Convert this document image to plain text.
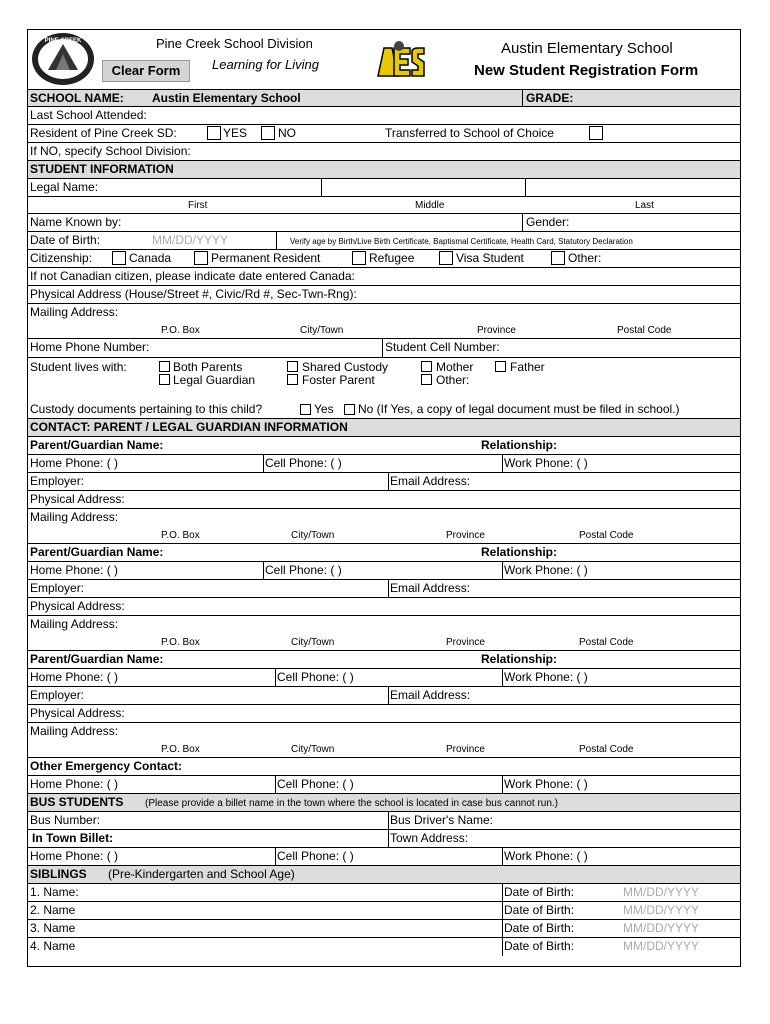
PINE CREEK	Pine Creek School Division
Clear Form	Learning for Living
Austin Elementary School
New Student Registration Form
SCHOOL NAME: Austin Elementary School	GRADE:
Last School Attended:
Resident of Pine Creek SD:	YES	NO	Transferred to School of Choice
If NO, specify School Division:
STUDENT INFORMATION
Legal Name:
First	Middle	Last
Name Known by:	Gender:
Date of Birth:	MM/DD/YYYY	Verify age by Birth/Live Birth Certificate, Baptismal Certificate, Health Card, Statutory Declaration
Citizenship:	Canada	Permanent Resident	Refugee	Visa Student	Other:
If not Canadian citizen, please indicate date entered Canada:
Physical Address (House/Street #, Civic/Rd #, Sec-Twn-Rng):
Mailing Address:
P.O. Box	City/Town	Province	Postal Code
Home Phone Number:	Student Cell Number:
Student lives with:	Both Parents	Shared Custody	Mother	Father
Legal Guardian	Foster Parent	Other:
Custody documents pertaining to this child?	Yes No (If Yes, a copy of legal document must be filed in school.)
CONTACT: PARENT / LEGAL GUARDIAN INFORMATION
Parent/Guardian Name:	Relationship:
Home Phone: ( )	Cell Phone: ( )	Work Phone: ( )
Employer:	Email Address:
Physical Address:
Mailing Address:
P.O. Box	City/Town	Province	Postal Code
Parent/Guardian Name:	Relationship:
Home Phone: ( )	Cell Phone: ( )	Work Phone: ( )
Employer:	Email Address:
Physical Address:
Mailing Address:
P.O. Box	City/Town	Province	Postal Code
Parent/Guardian Name:	Relationship:
Home Phone: ( )	Cell Phone: ( )	Work Phone: ( )
Employer:	Email Address:
Physical Address:
Mailing Address:
P.O. Box	City/Town	Province	Postal Code
Other Emergency Contact:
Home Phone: ( )	Cell Phone: ( )	Work Phone: ( )
BUS STUDENTS (Please provide a billet name in the town where the school is located in case bus cannot run.)
Bus Number:	Bus Driver's Name:
In Town Billet:	Town Address:
Home Phone: ( )	Cell Phone: ( )	Work Phone: ( )
SIBLINGS (Pre-Kindergarten and School Age)
1. Name:	Date of Birth:	MM/DD/YYYY
2. Name	Date of Birth:	MM/DD/YYYY
3. Name	Date of Birth:	MM/DD/YYYY
4. Name	Date of Birth:	MM/DD/YYYY
